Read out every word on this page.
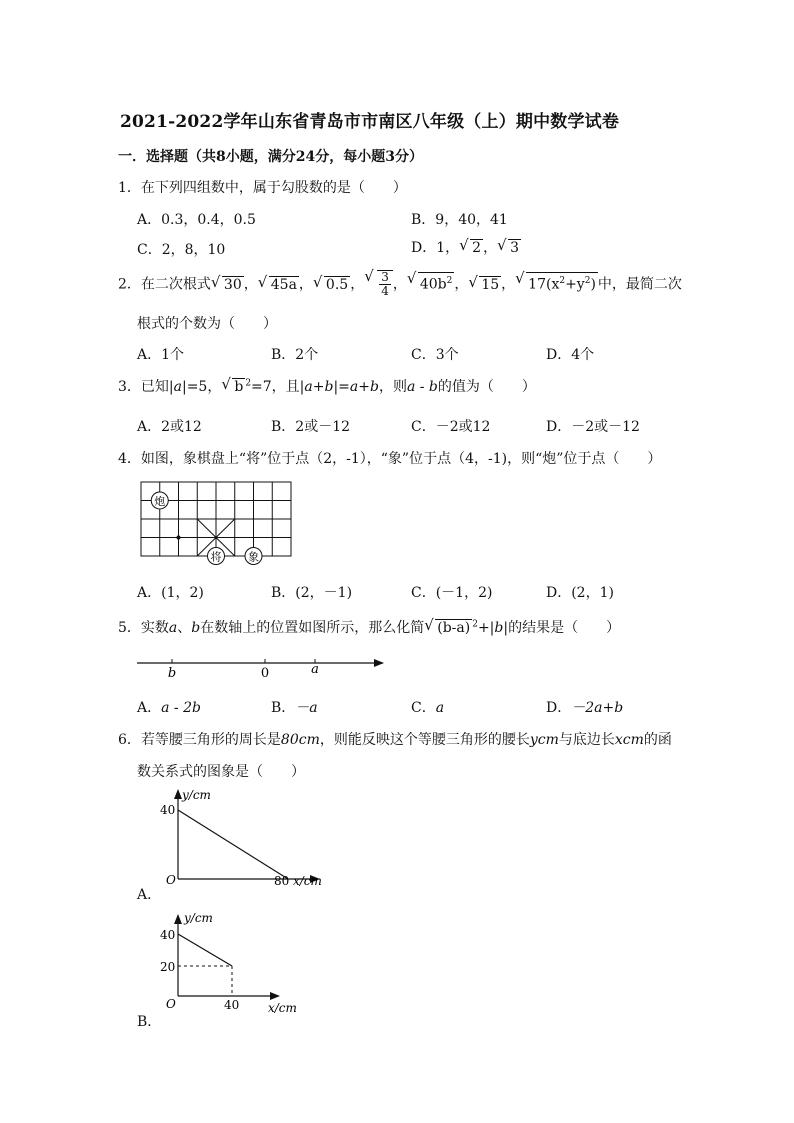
2021-2022学年山东省青岛市市南区八年级（上）期中数学试卷
一．选择题（共8小题，满分24分，每小题3分）
1．在下列四组数中，属于勾股数的是（　　）
A．0.3，0.4，0.5	B．9，40，41
C．2，8，10	D．1， √ 2 ， √ 3
2．在二次根式 √ 30 ， √ 45a ， √ 0.5 ， √ $\frac{3}{4}$ ， √ $40b^2$ ， √ 15 ， √ $17(x^2+y^2)$ 中，最简二次
根式的个数为（　　）
A．1个	B．2个	C．3个	D．4个
3．已知|a|=5， √ b $^2$=7，且|a+b|=a+b，则a - b的值为（　　）
A．2或12	B．2或－12	C．－2或12	D．－2或－12
4．如图，象棋盘上“将”位于点（2，-1），“象”位于点（4，-1)，则“炮”位于点（　　）
炮
将 象
A．(1，2)	B．(2，－1)	C．(－1，2)	D．(2，1)
5．实数a、b在数轴上的位置如图所示，那么化简 √ (b-a) $^2$+|b|的结果是（　　）
b	0	a
A．a - 2b	B．－a	C．a	D．－2a+b
6．若等腰三角形的周长是80cm，则能反映这个等腰三角形的腰长ycm与底边长xcm的函
数关系式的图象是（　　）
y/cm
40
O	80 x/cm
A．
y/cm
40
20
O	40 x/cm
B．
